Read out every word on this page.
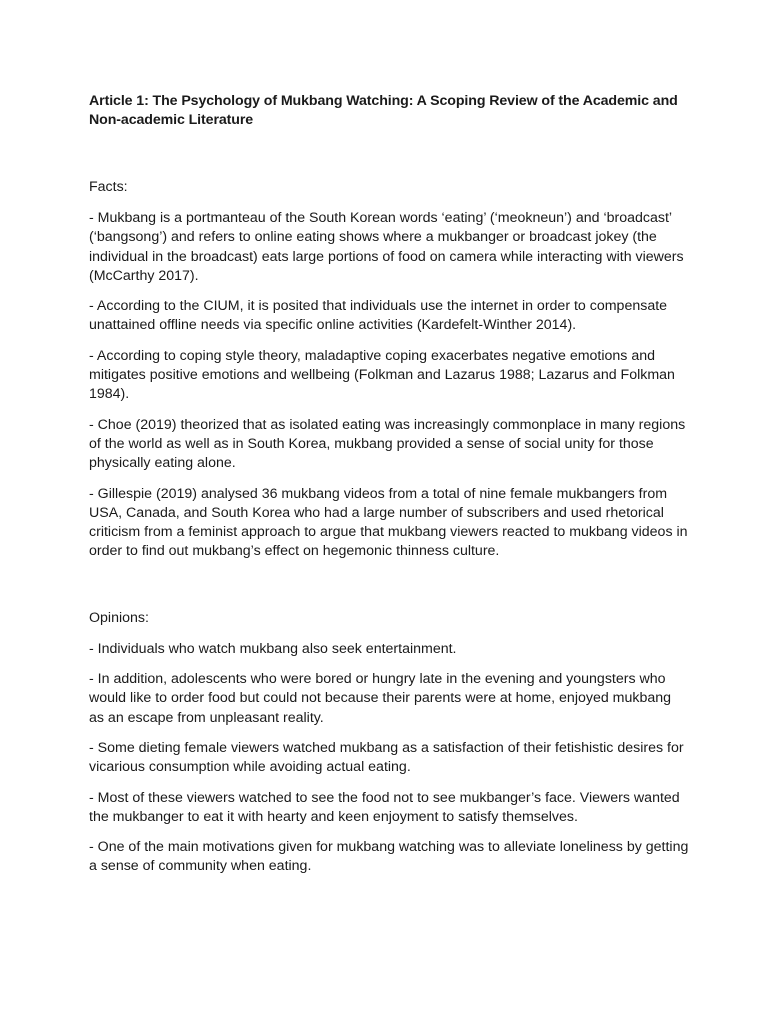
Article 1: The Psychology of Mukbang Watching: A Scoping Review of the Academic and Non-academic Literature

Facts:

- Mukbang is a portmanteau of the South Korean words ‘eating’ (‘meokneun’) and ‘broadcast’ (‘bangsong’) and refers to online eating shows where a mukbanger or broadcast jokey (the individual in the broadcast) eats large portions of food on camera while interacting with viewers (McCarthy 2017).

- According to the CIUM, it is posited that individuals use the internet in order to compensate unattained offline needs via specific online activities (Kardefelt-Winther 2014).

- According to coping style theory, maladaptive coping exacerbates negative emotions and mitigates positive emotions and wellbeing (Folkman and Lazarus 1988; Lazarus and Folkman 1984).

- Choe (2019) theorized that as isolated eating was increasingly commonplace in many regions of the world as well as in South Korea, mukbang provided a sense of social unity for those physically eating alone.

- Gillespie (2019) analysed 36 mukbang videos from a total of nine female mukbangers from USA, Canada, and South Korea who had a large number of subscribers and used rhetorical criticism from a feminist approach to argue that mukbang viewers reacted to mukbang videos in order to find out mukbang’s effect on hegemonic thinness culture.

Opinions:

- Individuals who watch mukbang also seek entertainment.

- In addition, adolescents who were bored or hungry late in the evening and youngsters who would like to order food but could not because their parents were at home, enjoyed mukbang as an escape from unpleasant reality.

- Some dieting female viewers watched mukbang as a satisfaction of their fetishistic desires for vicarious consumption while avoiding actual eating.

- Most of these viewers watched to see the food not to see mukbanger’s face. Viewers wanted the mukbanger to eat it with hearty and keen enjoyment to satisfy themselves.

- One of the main motivations given for mukbang watching was to alleviate loneliness by getting a sense of community when eating.
